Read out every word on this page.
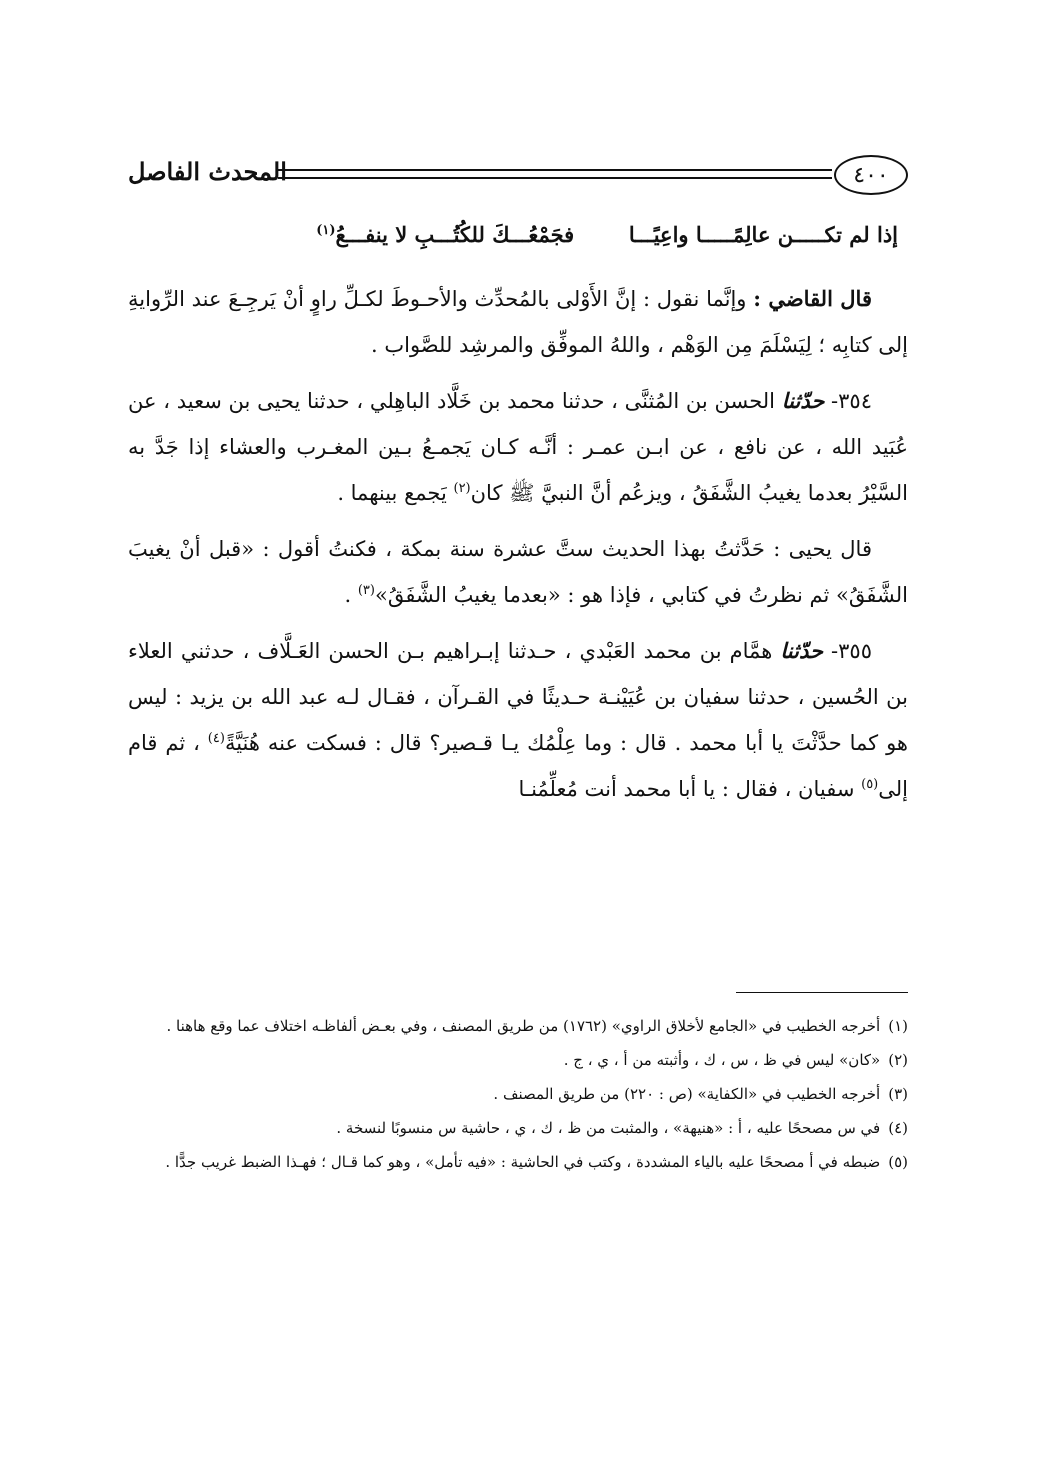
٤٠٠
المحدث الفاصل

إذا لم تكـــــن عالِمًـــــا واعِيًـــا  فجَمْعُـــكَ للكُتُـــبِ لا ينفـــعُ$^{(١)}$

قال القاضي : وإنَّما نقول : إنَّ الأَوْلى بالمُحدِّث والأحـوطَ لكـلِّ راوٍ أنْ يَرجِـعَ عند الرِّوايةِ إلى كتابِه ؛ لِيَسْلَمَ مِن الوَهْم ، واللهُ الموفِّق والمرشِد للصَّواب .

٣٥٤- حدّثنا الحسن بن المُثنَّى ، حدثنا محمد بن خَلَّاد الباهِلي ، حدثنا يحيى بن سعيد ، عن عُبَيد الله ، عن نافع ، عن ابـن عمـر : أنَّـه كـان يَجمـعُ بـين المغـرب والعشاء إذا جَدَّ به السَّيْرُ بعدما يغيبُ الشَّفَقُ ، ويزعُم أنَّ النبيَّ ﷺ كان$^{(٢)}$ يَجمع بينهما .

قال يحيى : حَدَّثتُ بهذا الحديث ستَّ عشرة سنة بمكة ، فكنتُ أقول : «قبل أنْ يغيبَ الشَّفَقُ» ثم نظرتُ في كتابي ، فإذا هو : «بعدما يغيبُ الشَّفَقُ»$^{(٣)}$ .

٣٥٥- حدّثنا همَّام بن محمد العَبْدي ، حـدثنا إبـراهيم بـن الحسن العَـلَّاف ، حدثني العلاء بن الحُسين ، حدثنا سفيان بن عُيَيْنـة حـديثًا في القـرآن ، فقـال لـه عبد الله بن يزيد : ليس هو كما حدَّثْتَ يا أبا محمد . قال : وما عِلْمُك يـا قـصير؟ قال : فسكت عنه هُنَيَّةً$^{(٤)}$ ، ثم قام إلى$^{(٥)}$ سفيان ، فقال : يا أبا محمد أنت مُعلِّمُنـا

(١)
أخرجه الخطيب في «الجامع لأخلاق الراوي» (١٧٦٢) من طريق المصنف ، وفي بعـض ألفاظـه اختلاف عما وقع هاهنا .
(٢)
«كان» ليس في ظ ، س ، ك ، وأثبته من أ ، ي ، ج .
(٣)
أخرجه الخطيب في «الكفاية» (ص : ٢٢٠) من طريق المصنف .
(٤)
في س مصححًا عليه ، أ : «هنيهة» ، والمثبت من ظ ، ك ، ي ، حاشية س منسوبًا لنسخة .
(٥)
ضبطه في أ مصححًا عليه بالياء المشددة ، وكتب في الحاشية : «فيه تأمل» ، وهو كما قـال ؛ فهـذا الضبط غريب جدًّا .
